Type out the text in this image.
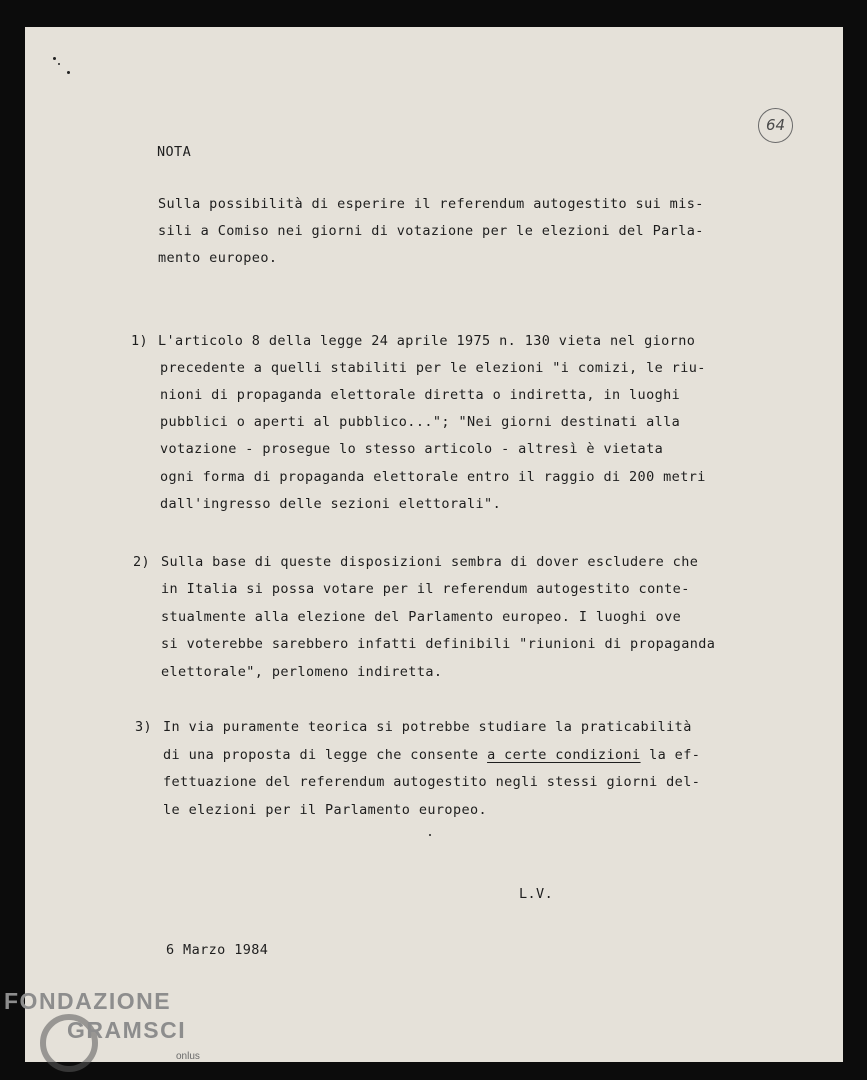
64
NOTA
Sulla possibilità di esperire il referendum autogestito sui mis-
sili a Comiso nei giorni di votazione per le elezioni del Parla-
mento europeo.
1) L'articolo 8 della legge 24 aprile 1975 n. 130 vieta nel giorno
precedente a quelli stabiliti per le elezioni "i comizi, le riu-
nioni di propaganda elettorale diretta o indiretta, in luoghi
pubblici o aperti al pubblico..."; "Nei giorni destinati alla
votazione - prosegue lo stesso articolo - altresì è vietata
ogni forma di propaganda elettorale entro il raggio di 200 metri
dall'ingresso delle sezioni elettorali".
2) Sulla base di queste disposizioni sembra di dover escludere che
in Italia si possa votare per il referendum autogestito conte-
stualmente alla elezione del Parlamento europeo. I luoghi ove
si voterebbe sarebbero infatti definibili "riunioni di propaganda
elettorale", perlomeno indiretta.
3) In via puramente teorica si potrebbe studiare la praticabilità
di una proposta di legge che consente a certe condizioni la ef-
fettuazione del referendum autogestito negli stessi giorni del-
le elezioni per il Parlamento europeo.
L.V.
6 Marzo 1984
FONDAZIONE
GRAMSCI
onlus
